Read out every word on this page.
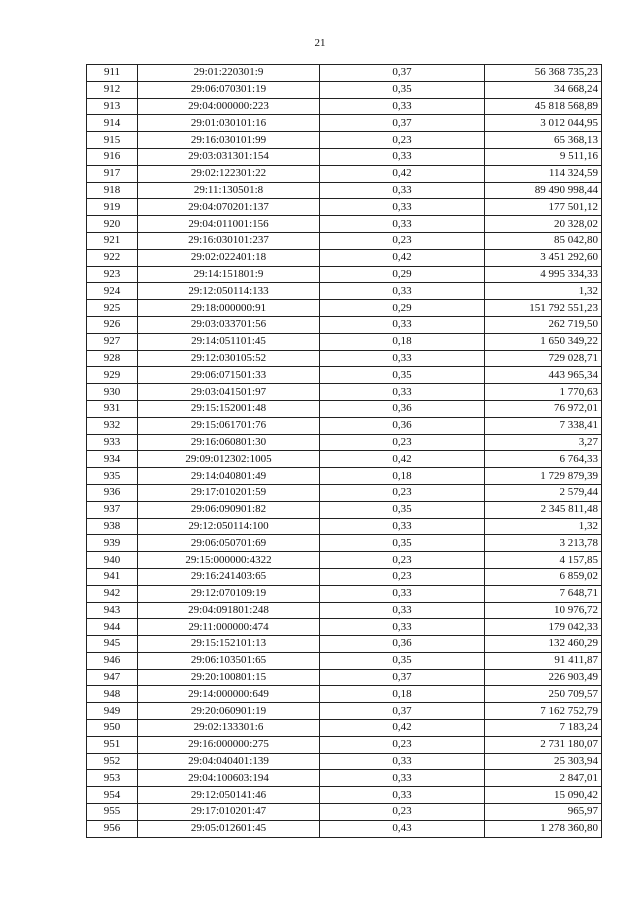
21
911	29:01:220301:9	0,37	56 368 735,23
912	29:06:070301:19	0,35	34 668,24
913	29:04:000000:223	0,33	45 818 568,89
914	29:01:030101:16	0,37	3 012 044,95
915	29:16:030101:99	0,23	65 368,13
916	29:03:031301:154	0,33	9 511,16
917	29:02:122301:22	0,42	114 324,59
918	29:11:130501:8	0,33	89 490 998,44
919	29:04:070201:137	0,33	177 501,12
920	29:04:011001:156	0,33	20 328,02
921	29:16:030101:237	0,23	85 042,80
922	29:02:022401:18	0,42	3 451 292,60
923	29:14:151801:9	0,29	4 995 334,33
924	29:12:050114:133	0,33	1,32
925	29:18:000000:91	0,29	151 792 551,23
926	29:03:033701:56	0,33	262 719,50
927	29:14:051101:45	0,18	1 650 349,22
928	29:12:030105:52	0,33	729 028,71
929	29:06:071501:33	0,35	443 965,34
930	29:03:041501:97	0,33	1 770,63
931	29:15:152001:48	0,36	76 972,01
932	29:15:061701:76	0,36	7 338,41
933	29:16:060801:30	0,23	3,27
934	29:09:012302:1005	0,42	6 764,33
935	29:14:040801:49	0,18	1 729 879,39
936	29:17:010201:59	0,23	2 579,44
937	29:06:090901:82	0,35	2 345 811,48
938	29:12:050114:100	0,33	1,32
939	29:06:050701:69	0,35	3 213,78
940	29:15:000000:4322	0,23	4 157,85
941	29:16:241403:65	0,23	6 859,02
942	29:12:070109:19	0,33	7 648,71
943	29:04:091801:248	0,33	10 976,72
944	29:11:000000:474	0,33	179 042,33
945	29:15:152101:13	0,36	132 460,29
946	29:06:103501:65	0,35	91 411,87
947	29:20:100801:15	0,37	226 903,49
948	29:14:000000:649	0,18	250 709,57
949	29:20:060901:19	0,37	7 162 752,79
950	29:02:133301:6	0,42	7 183,24
951	29:16:000000:275	0,23	2 731 180,07
952	29:04:040401:139	0,33	25 303,94
953	29:04:100603:194	0,33	2 847,01
954	29:12:050141:46	0,33	15 090,42
955	29:17:010201:47	0,23	965,97
956	29:05:012601:45	0,43	1 278 360,80
